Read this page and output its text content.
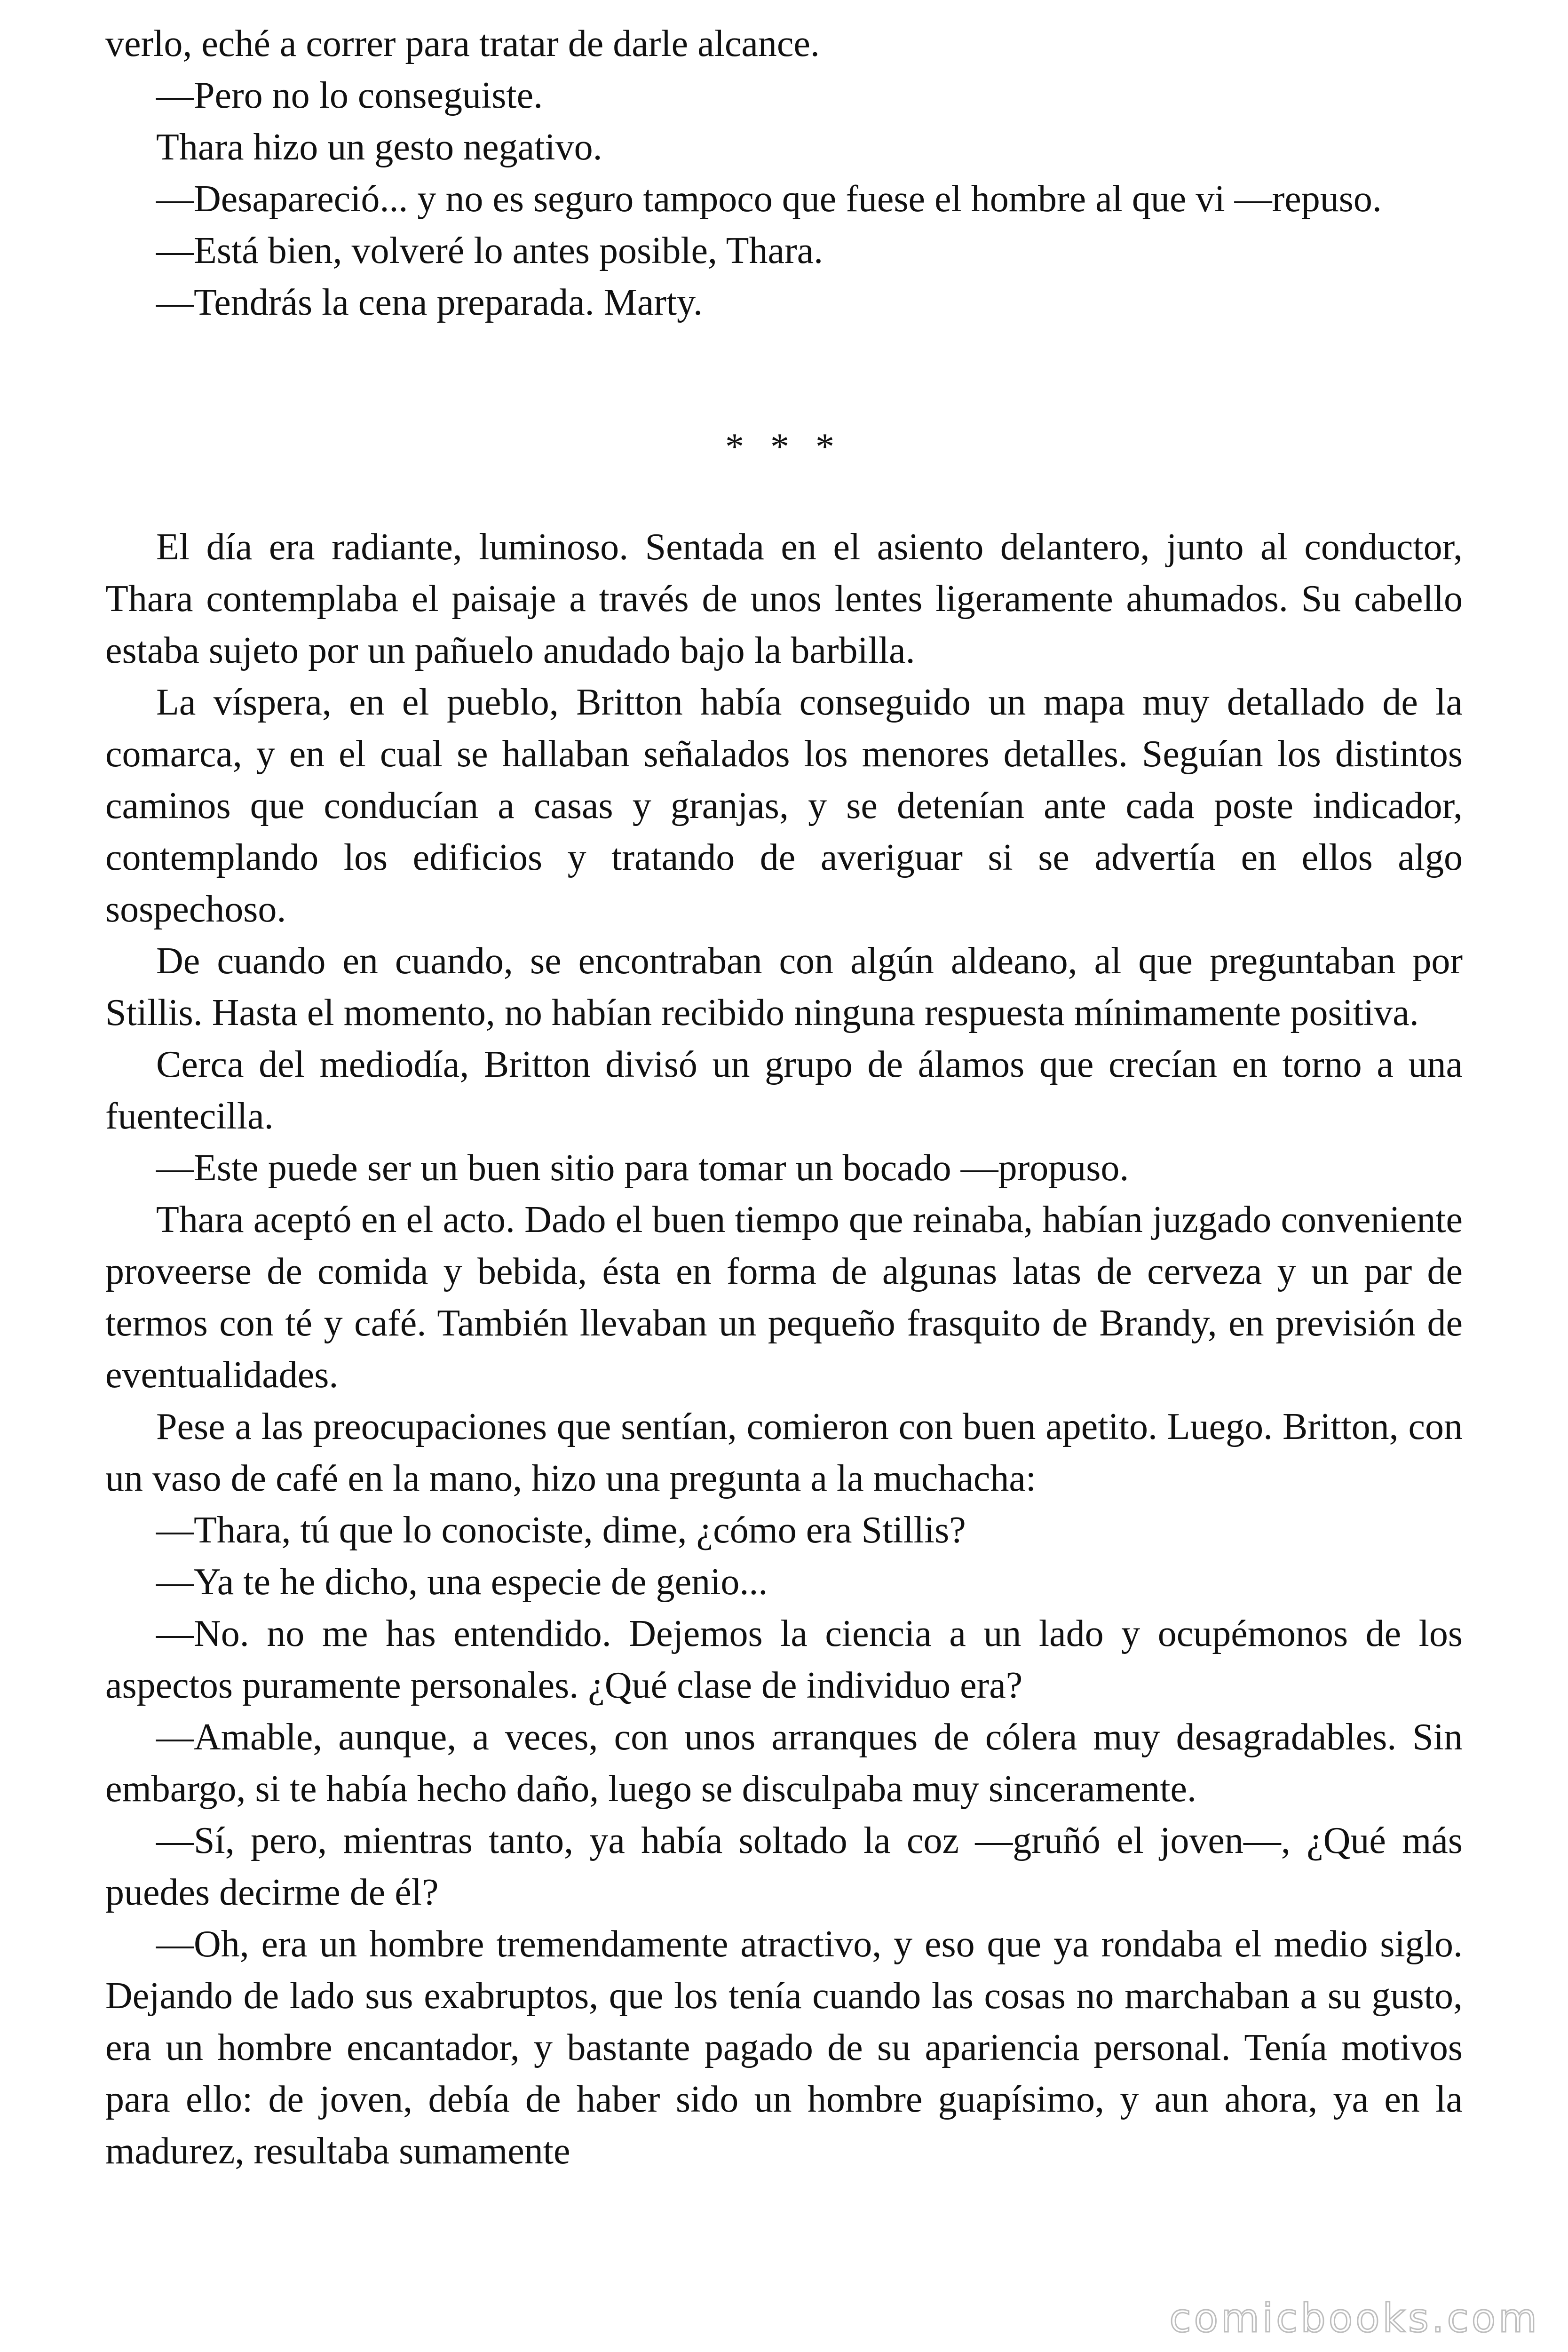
verlo, eché a correr para tratar de darle alcance.

—Pero no lo conseguiste.

Thara hizo un gesto negativo.

—Desapareció... y no es seguro tampoco que fuese el hombre al que vi —repuso.

—Está bien, volveré lo antes posible, Thara.

—Tendrás la cena preparada. Marty.

* * *

El día era radiante, luminoso. Sentada en el asiento delantero, junto al conductor, Thara contemplaba el paisaje a través de unos lentes ligeramente ahumados. Su cabello estaba sujeto por un pañuelo anudado bajo la barbilla.

La víspera, en el pueblo, Britton había conseguido un mapa muy detallado de la comarca, y en el cual se hallaban señalados los menores detalles. Seguían los distintos caminos que conducían a casas y granjas, y se detenían ante cada poste indicador, contemplando los edificios y tratando de averiguar si se advertía en ellos algo sospechoso.

De cuando en cuando, se encontraban con algún aldeano, al que preguntaban por Stillis. Hasta el momento, no habían recibido ninguna respuesta mínimamente positiva.

Cerca del mediodía, Britton divisó un grupo de álamos que crecían en torno a una fuentecilla.

—Este puede ser un buen sitio para tomar un bocado —propuso.

Thara aceptó en el acto. Dado el buen tiempo que reinaba, habían juzgado conveniente proveerse de comida y bebida, ésta en forma de algunas latas de cerveza y un par de termos con té y café. También llevaban un pequeño frasquito de Brandy, en previsión de eventualidades.

Pese a las preocupaciones que sentían, comieron con buen apetito. Luego. Britton, con un vaso de café en la mano, hizo una pregunta a la muchacha:

—Thara, tú que lo conociste, dime, ¿cómo era Stillis?

—Ya te he dicho, una especie de genio...

—No. no me has entendido. Dejemos la ciencia a un lado y ocupémonos de los aspectos puramente personales. ¿Qué clase de individuo era?

—Amable, aunque, a veces, con unos arranques de cólera muy desagradables. Sin embargo, si te había hecho daño, luego se disculpaba muy sinceramente.

—Sí, pero, mientras tanto, ya había soltado la coz —gruñó el joven—, ¿Qué más puedes decirme de él?

—Oh, era un hombre tremendamente atractivo, y eso que ya rondaba el medio siglo. Dejando de lado sus exabruptos, que los tenía cuando las cosas no marchaban a su gusto, era un hombre encantador, y bastante pagado de su apariencia personal. Tenía motivos para ello: de joven, debía de haber sido un hombre guapísimo, y aun ahora, ya en la madurez, resultaba sumamente

comicbooks.com
